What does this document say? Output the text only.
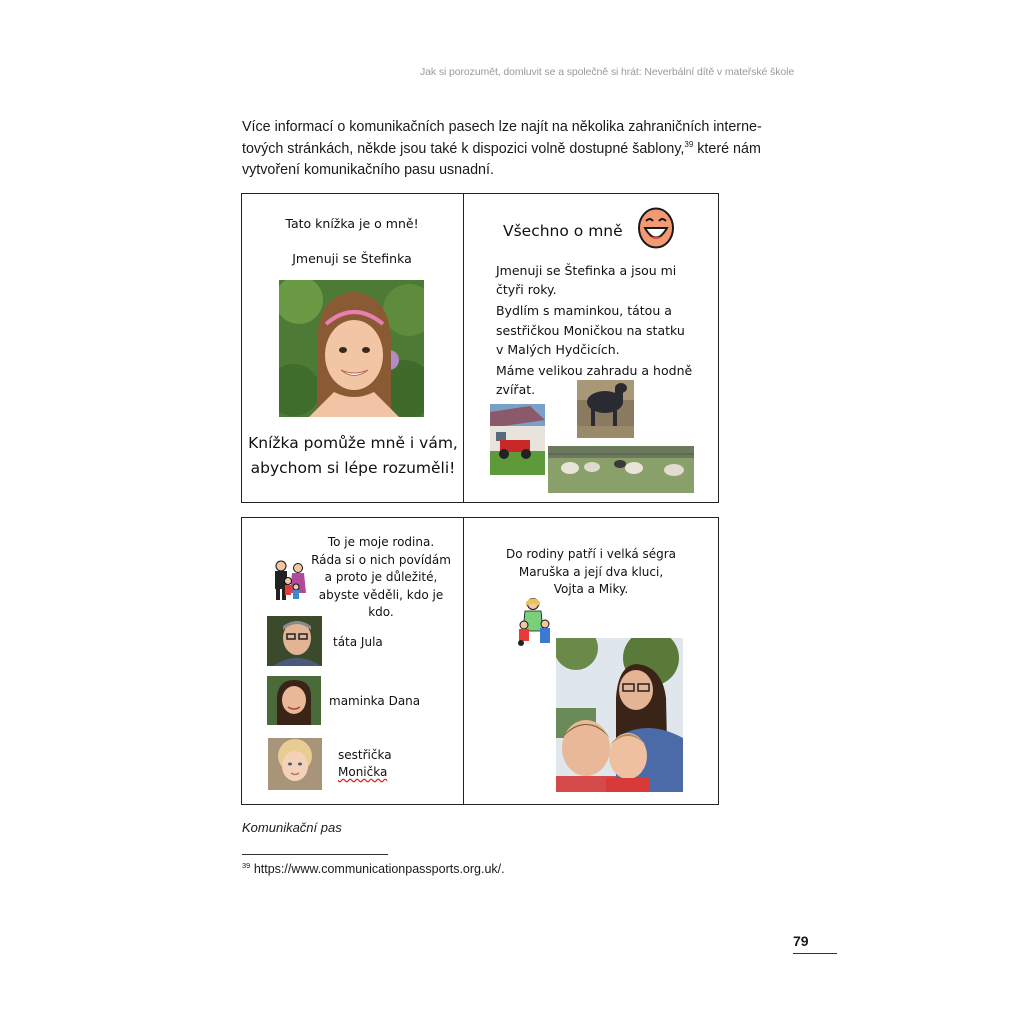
Jak si porozumět, domluvit se a společně si hrát: Neverbální dítě v mateřské škole
Více informací o komunikačních pasech lze najít na několika zahraničních interne-
tových stránkách, někde jsou také k dispozici volně dostupné šablony,$^{39}$ které nám
vytvoření komunikačního pasu usnadní.
Tato knížka je o mně!
Jmenuji se Štefinka
Knížka pomůže mně i vám,
abychom si lépe rozuměli!
Všechno o mně
Jmenuji se Štefinka a jsou mi
čtyři roky.
Bydlím s maminkou, tátou a
sestřičkou Moničkou na statku
v Malých Hydčicích.
Máme velikou zahradu a hodně
zvířat.
To je moje rodina.
Ráda si o nich povídám
a proto je důležité,
abyste věděli, kdo je
kdo.
táta Jula
maminka Dana
sestřička
Monička
Do rodiny patří i velká ségra
Maruška a její dva kluci,
Vojta a Miky.
Komunikační pas
$^{39}$ https://www.communicationpassports.org.uk/.
79
